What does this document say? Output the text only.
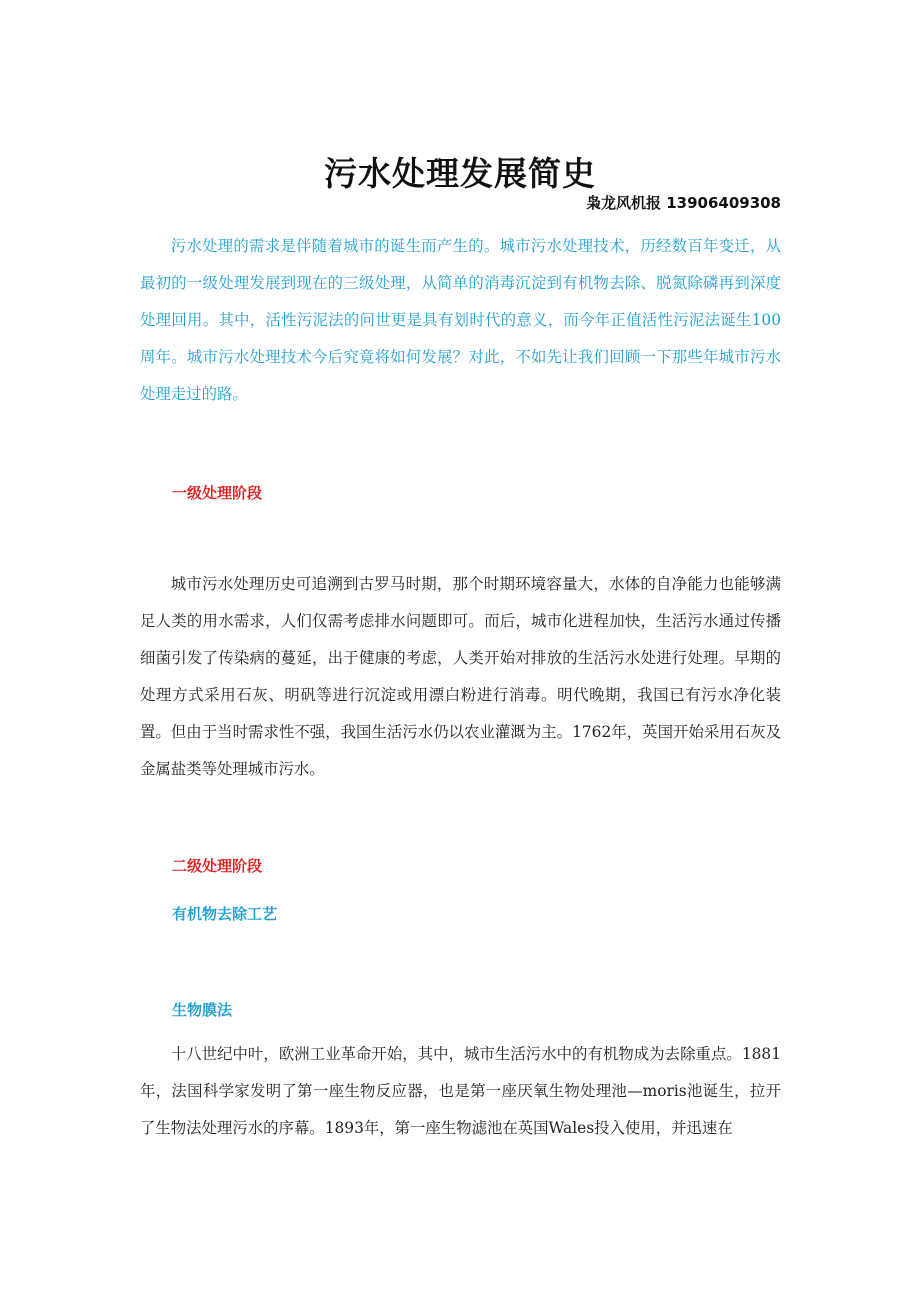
污水处理发展简史
枭龙风机报 13906409308

污水处理的需求是伴随着城市的诞生而产生的。城市污水处理技术，历经数百年变迁，从最初的一级处理发展到现在的三级处理，从简单的消毒沉淀到有机物去除、脱氮除磷再到深度处理回用。其中，活性污泥法的问世更是具有划时代的意义，而今年正值活性污泥法诞生100周年。城市污水处理技术今后究竟将如何发展？对此，不如先让我们回顾一下那些年城市污水处理走过的路。

一级处理阶段

城市污水处理历史可追溯到古罗马时期，那个时期环境容量大，水体的自净能力也能够满足人类的用水需求，人们仅需考虑排水问题即可。而后，城市化进程加快，生活污水通过传播细菌引发了传染病的蔓延，出于健康的考虑，人类开始对排放的生活污水处进行处理。早期的处理方式采用石灰、明矾等进行沉淀或用漂白粉进行消毒。明代晚期，我国已有污水净化装置。但由于当时需求性不强，我国生活污水仍以农业灌溉为主。1762年，英国开始采用石灰及金属盐类等处理城市污水。

二级处理阶段
有机物去除工艺
生物膜法

十八世纪中叶，欧洲工业革命开始，其中，城市生活污水中的有机物成为去除重点。1881年，法国科学家发明了第一座生物反应器，也是第一座厌氧生物处理池—moris池诞生，拉开了生物法处理污水的序幕。1893年，第一座生物滤池在英国Wales投入使用，并迅速在
